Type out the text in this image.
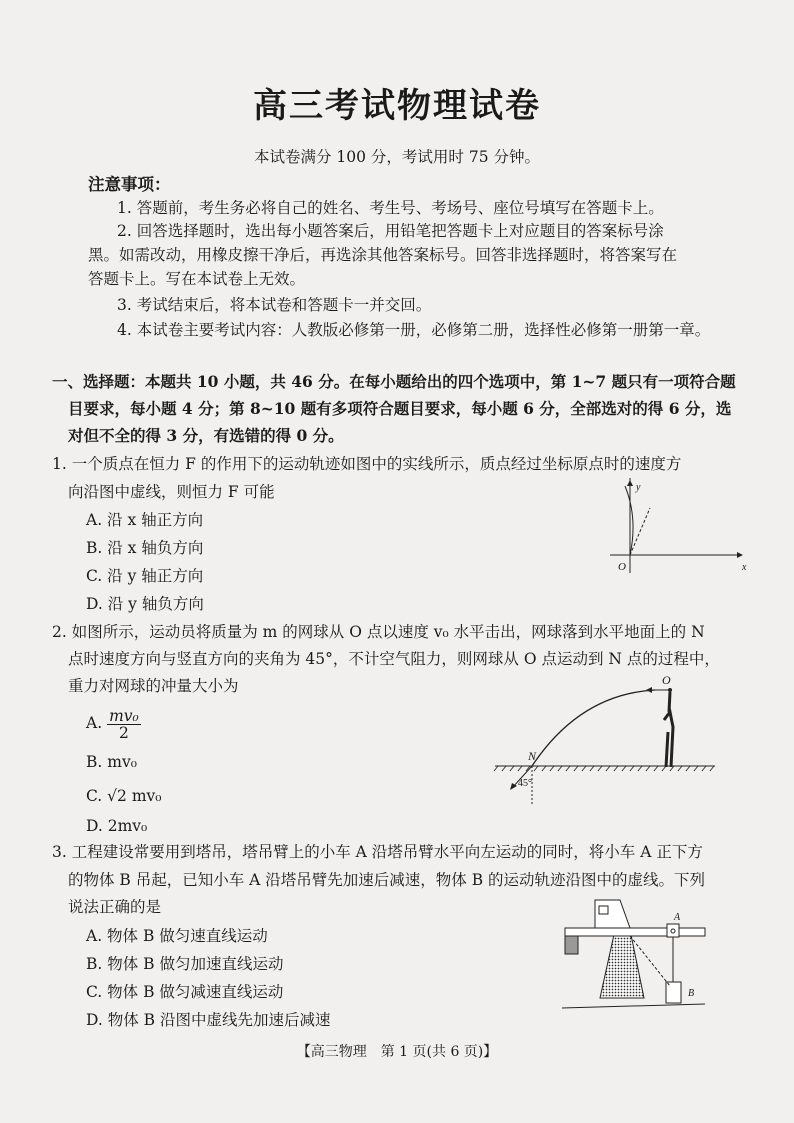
高三考试物理试卷
本试卷满分 100 分，考试用时 75 分钟。
注意事项：
1. 答题前，考生务必将自己的姓名、考生号、考场号、座位号填写在答题卡上。
2. 回答选择题时，选出每小题答案后，用铅笔把答题卡上对应题目的答案标号涂
黑。如需改动，用橡皮擦干净后，再选涂其他答案标号。回答非选择题时，将答案写在
答题卡上。写在本试卷上无效。
3. 考试结束后，将本试卷和答题卡一并交回。
4. 本试卷主要考试内容：人教版必修第一册，必修第二册，选择性必修第一册第一章。
一、选择题：本题共 10 小题，共 46 分。在每小题给出的四个选项中，第 1~7 题只有一项符合题
目要求，每小题 4 分；第 8~10 题有多项符合题目要求，每小题 6 分，全部选对的得 6 分，选
对但不全的得 3 分，有选错的得 0 分。
1. 一个质点在恒力 F 的作用下的运动轨迹如图中的实线所示，质点经过坐标原点时的速度方
向沿图中虚线，则恒力 F 可能
A. 沿 x 轴正方向
B. 沿 x 轴负方向
C. 沿 y 轴正方向
D. 沿 y 轴负方向
O
y
x
2. 如图所示，运动员将质量为 m 的网球从 O 点以速度 v₀ 水平击出，网球落到水平地面上的 N
点时速度方向与竖直方向的夹角为 45°，不计空气阻力，则网球从 O 点运动到 N 点的过程中，
重力对网球的冲量大小为
A. $\frac{\text{mv₀}}{2}$
B. mv₀
C. √2 mv₀
D. 2mv₀
N
45°
O
3. 工程建设常要用到塔吊，塔吊臂上的小车 A 沿塔吊臂水平向左运动的同时，将小车 A 正下方
的物体 B 吊起，已知小车 A 沿塔吊臂先加速后减速，物体 B 的运动轨迹沿图中的虚线。下列
说法正确的是
A. 物体 B 做匀速直线运动
B. 物体 B 做匀加速直线运动
C. 物体 B 做匀减速直线运动
D. 物体 B 沿图中虚线先加速后减速
A
B
【高三物理　第 1 页(共 6 页)】
